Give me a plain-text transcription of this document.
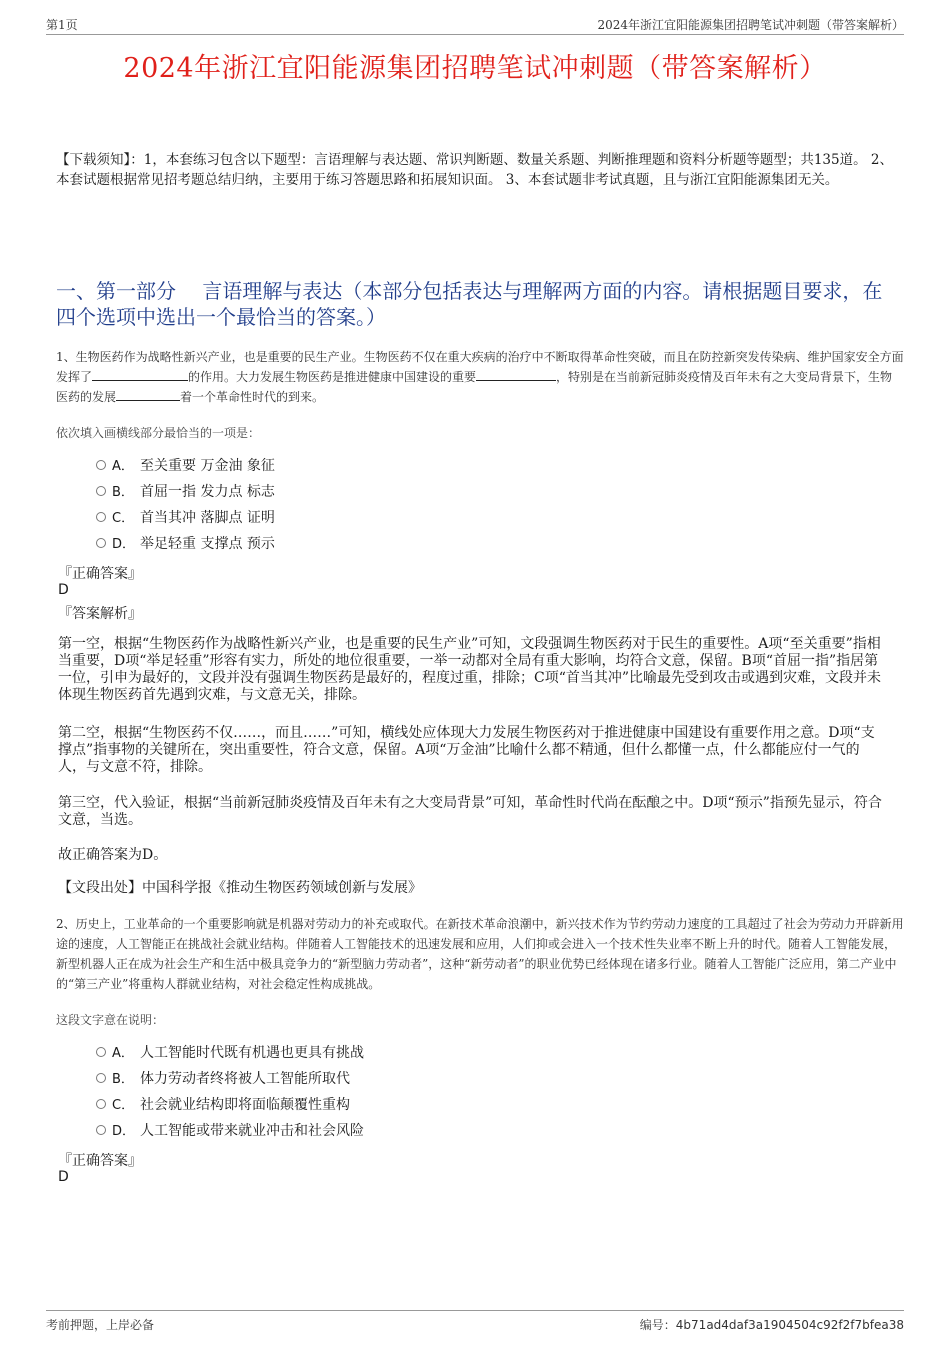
第1页	2024年浙江宜阳能源集团招聘笔试冲刺题（带答案解析）
2024年浙江宜阳能源集团招聘笔试冲刺题（带答案解析）
【下载须知】：1，本套练习包含以下题型：言语理解与表达题、常识判断题、数量关系题、判断推理题和资料分析题等题型；共135道。 2、本套试题根据常见招考题总结归纳，主要用于练习答题思路和拓展知识面。 3、本套试题非考试真题，且与浙江宜阳能源集团无关。
一、第一部分　 言语理解与表达（本部分包括表达与理解两方面的内容。请根据题目要求，在四个选项中选出一个最恰当的答案。）
1、生物医药作为战略性新兴产业，也是重要的民生产业。生物医药不仅在重大疾病的治疗中不断取得革命性突破，而且在防控新突发传染病、维护国家安全方面发挥了	的作用。大力发展生物医药是推进健康中国建设的重要	，特别是在当前新冠肺炎疫情及百年未有之大变局背景下，生物医药的发展	着一个革命性时代的到来。
依次填入画横线部分最恰当的一项是：
A． 至关重要 万金油 象征
B． 首屈一指 发力点 标志
C． 首当其冲 落脚点 证明
D． 举足轻重 支撑点 预示
『正确答案』
D
『答案解析』
第一空，根据“生物医药作为战略性新兴产业，也是重要的民生产业”可知，文段强调生物医药对于民生的重要性。A项“至关重要”指相当重要，D项“举足轻重”形容有实力，所处的地位很重要，一举一动都对全局有重大影响，均符合文意，保留。B项“首屈一指”指居第一位，引申为最好的，文段并没有强调生物医药是最好的，程度过重，排除；C项“首当其冲”比喻最先受到攻击或遇到灾难，文段并未体现生物医药首先遇到灾难，与文意无关，排除。
第二空，根据“生物医药不仅……，而且……”可知，横线处应体现大力发展生物医药对于推进健康中国建设有重要作用之意。D项“支撑点”指事物的关键所在，突出重要性，符合文意，保留。A项“万金油”比喻什么都不精通，但什么都懂一点，什么都能应付一气的人，与文意不符，排除。
第三空，代入验证，根据“当前新冠肺炎疫情及百年未有之大变局背景”可知，革命性时代尚在酝酿之中。D项“预示”指预先显示，符合文意，当选。
故正确答案为D。
【文段出处】中国科学报《推动生物医药领域创新与发展》
2、历史上，工业革命的一个重要影响就是机器对劳动力的补充或取代。在新技术革命浪潮中，新兴技术作为节约劳动力速度的工具超过了社会为劳动力开辟新用途的速度，人工智能正在挑战社会就业结构。伴随着人工智能技术的迅速发展和应用，人们抑或会进入一个技术性失业率不断上升的时代。随着人工智能发展，新型机器人正在成为社会生产和生活中极具竞争力的“新型脑力劳动者”，这种“新劳动者”的职业优势已经体现在诸多行业。随着人工智能广泛应用，第二产业中的“第三产业”将重构人群就业结构，对社会稳定性构成挑战。
这段文字意在说明：
A． 人工智能时代既有机遇也更具有挑战
B． 体力劳动者终将被人工智能所取代
C． 社会就业结构即将面临颠覆性重构
D． 人工智能或带来就业冲击和社会风险
『正确答案』
D
考前押题，上岸必备	编号：4b71ad4daf3a1904504c92f2f7bfea38
